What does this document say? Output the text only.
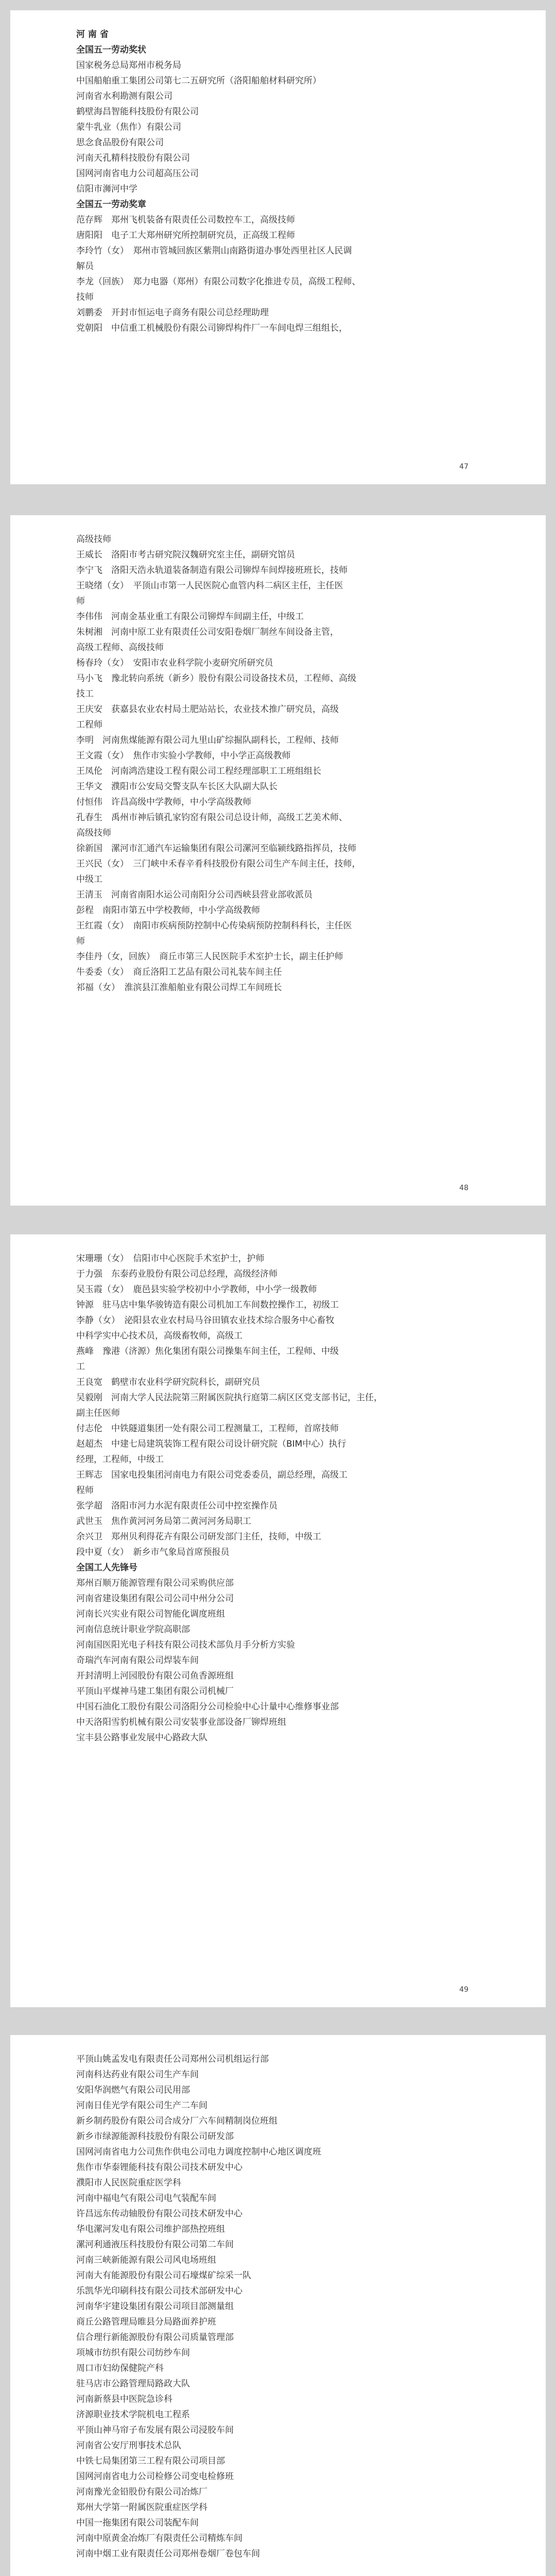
河 南 省
全国五一劳动奖状
国家税务总局郑州市税务局
中国船舶重工集团公司第七二五研究所（洛阳船舶材料研究所）
河南省水利勘测有限公司
鹤壁海昌智能科技股份有限公司
蒙牛乳业（焦作）有限公司
思念食品股份有限公司
河南天孔精科技股份有限公司
国网河南省电力公司超高压公司
信阳市浉河中学
全国五一劳动奖章
范存辉　郑州飞机装备有限责任公司数控车工，高级技师
唐阳阳　电子工大郑州研究所控制研究员，正高级工程师
李玲竹（女）　郑州市管城回族区紫荆山南路街道办事处西里社区人民调
解员
李龙（回族）　郑力电器（郑州）有限公司数字化推进专员，高级工程师、
技师
刘鹏委　开封市恒运电子商务有限公司总经理助理
党朝阳　中信重工机械股份有限公司铆焊构件厂一车间电焊三组组长，
47
高级技师
王威长　洛阳市考古研究院汉魏研究室主任，副研究馆员
李宁飞　洛阳天浩永轨道装备制造有限公司铆焊车间焊接班班长，技师
王晓绪（女）　平顶山市第一人民医院心血管内科二病区主任，主任医
师
李伟伟　河南金基业重工有限公司铆焊车间副主任，中级工
朱树湘　河南中原工业有限责任公司安阳卷烟厂制丝车间设备主管，
高级工程师、高级技师
杨春玲（女）　安阳市农业科学院小麦研究所研究员
马小飞　豫北转向系统（新乡）股份有限公司设备技术员，工程师、高级
技工
王庆安　获嘉县农业农村局土肥站站长，农业技术推广研究员，高级
工程师
李明　河南焦煤能源有限公司九里山矿综掘队副科长，工程师、技师
王文霞（女）　焦作市实验小学教师，中小学正高级教师
王凤伦　河南鸿浩建设工程有限公司工程经理部职工工班组组长
王华文　濮阳市公安局交警支队车长区大队副大队长
付恒伟　许昌高级中学教师，中小学高级教师
孔春生　禹州市神后镇孔家钧窑有限公司总设计师，高级工艺美术师、
高级技师
徐新国　漯河市汇通汽车运输集团有限公司漯河至临颍线路指挥员，技师
王兴民（女）　三门峡中禾春辛肴科技股份有限公司生产车间主任，技师，
中级工
王清玉　河南省南阳水运公司南阳分公司西峡县营业部收派员
彭程　南阳市第五中学校教师，中小学高级教师
王红霞（女）　南阳市疾病预防控制中心传染病预防控制科科长，主任医
师
李佳丹（女，回族）　商丘市第三人民医院手术室护士长，副主任护师
牛委委（女）　商丘洛阳工艺品有限公司礼装车间主任
祁福（女）　淮滨县江淮船舶业有限公司焊工车间班长
48
宋珊珊（女）　信阳市中心医院手术室护士，护师
于力强　东泰药业股份有限公司总经理，高级经济师
吴玉霞（女）　鹿邑县实验学校初中小学教师，中小学一级教师
钟源　驻马店中集华骏铸造有限公司机加工车间数控操作工，初级工
李静（女）　泌阳县农业农村局马谷田镇农业技术综合服务中心畜牧
中科学实中心技术员，高级畜牧师，高级工
燕峰　豫港（济源）焦化集团有限公司操集车间主任，工程师、中级
工
王良宽　鹤壁市农业科学研究院科长，副研究员
吴毅刚　河南大学人民法院第三附属医院执行庭第二病区区党支部书记，主任，
副主任医师
付志伦　中铁隧道集团一处有限公司工程测量工，工程师，首席技师
赵超杰　中建七局建筑装饰工程有限公司设计研究院（BIM中心）执行
经理，工程师，中级工
王辉志　国家电投集团河南电力有限公司党委委员，副总经理，高级工
程师
张学超　洛阳市河力水泥有限责任公司中控室操作员
武世玉　焦作黄河河务局第二黄河河务局职工
余兴卫　郑州贝利得花卉有限公司研发部门主任，技师，中级工
段中夏（女）　新乡市气象局首席预报员
全国工人先锋号
郑州百顺万能源管理有限公司采购供应部
河南省建设集团有限公司公司中州分公司
河南长兴实业有限公司智能化调度班组
河南信息统计职业学院高职部
河南国医阳光电子科技有限公司技术部负月手分析方实验
奇瑞汽车河南有限公司焊装车间
开封清明上河园股份有限公司鱼香源班组
平顶山平煤神马建工集团有限公司机械厂
中国石油化工股份有限公司洛阳分公司检验中心计量中心维修事业部
中天洛阳雪豹机械有限公司安装事业部设备厂铆焊班组
宝丰县公路事业发展中心路政大队
49
平顶山姚孟发电有限责任公司郑州公司机组运行部
河南科达药业有限公司生产车间
安阳华润燃气有限公司民用部
河南日佳光学有限公司生产二车间
新乡制药股份有限公司合成分厂六车间精制岗位班组
新乡市绿源能源科技股份有限公司研发部
国网河南省电力公司焦作供电公司电力调度控制中心地区调度班
焦作市华泰锂能科技有限公司技术研发中心
濮阳市人民医院重症医学科
河南中福电气有限公司电气装配车间
许昌远东传动轴股份有限公司技术研发中心
华电漯河发电有限公司维护部热控班组
漯河利通液压科技股份有限公司第二车间
河南三峡新能源有限公司风电场班组
河南大有能源股份有限公司石壕煤矿综采一队
乐凯华光印刷科技有限公司技术部研发中心
河南华宇建设集团有限公司项目部测量组
商丘公路管理局睢县分局路面养护班
信合理行新能源股份有限公司质量管理部
项城市纺织有限公司纺纱车间
周口市妇幼保健院产科
驻马店市公路管理局路政大队
河南新蔡县中医院急诊科
济源职业技术学院机电工程系
平顶山神马帘子布发展有限公司浸胶车间
河南省公安厅刑事技术总队
中铁七局集团第三工程有限公司项目部
国网河南省电力公司检修公司变电检修班
河南豫光金铅股份有限公司冶炼厂
郑州大学第一附属医院重症医学科
中国一拖集团有限公司装配车间
河南中原黄金冶炼厂有限责任公司精炼车间
河南中烟工业有限责任公司郑州卷烟厂卷包车间
